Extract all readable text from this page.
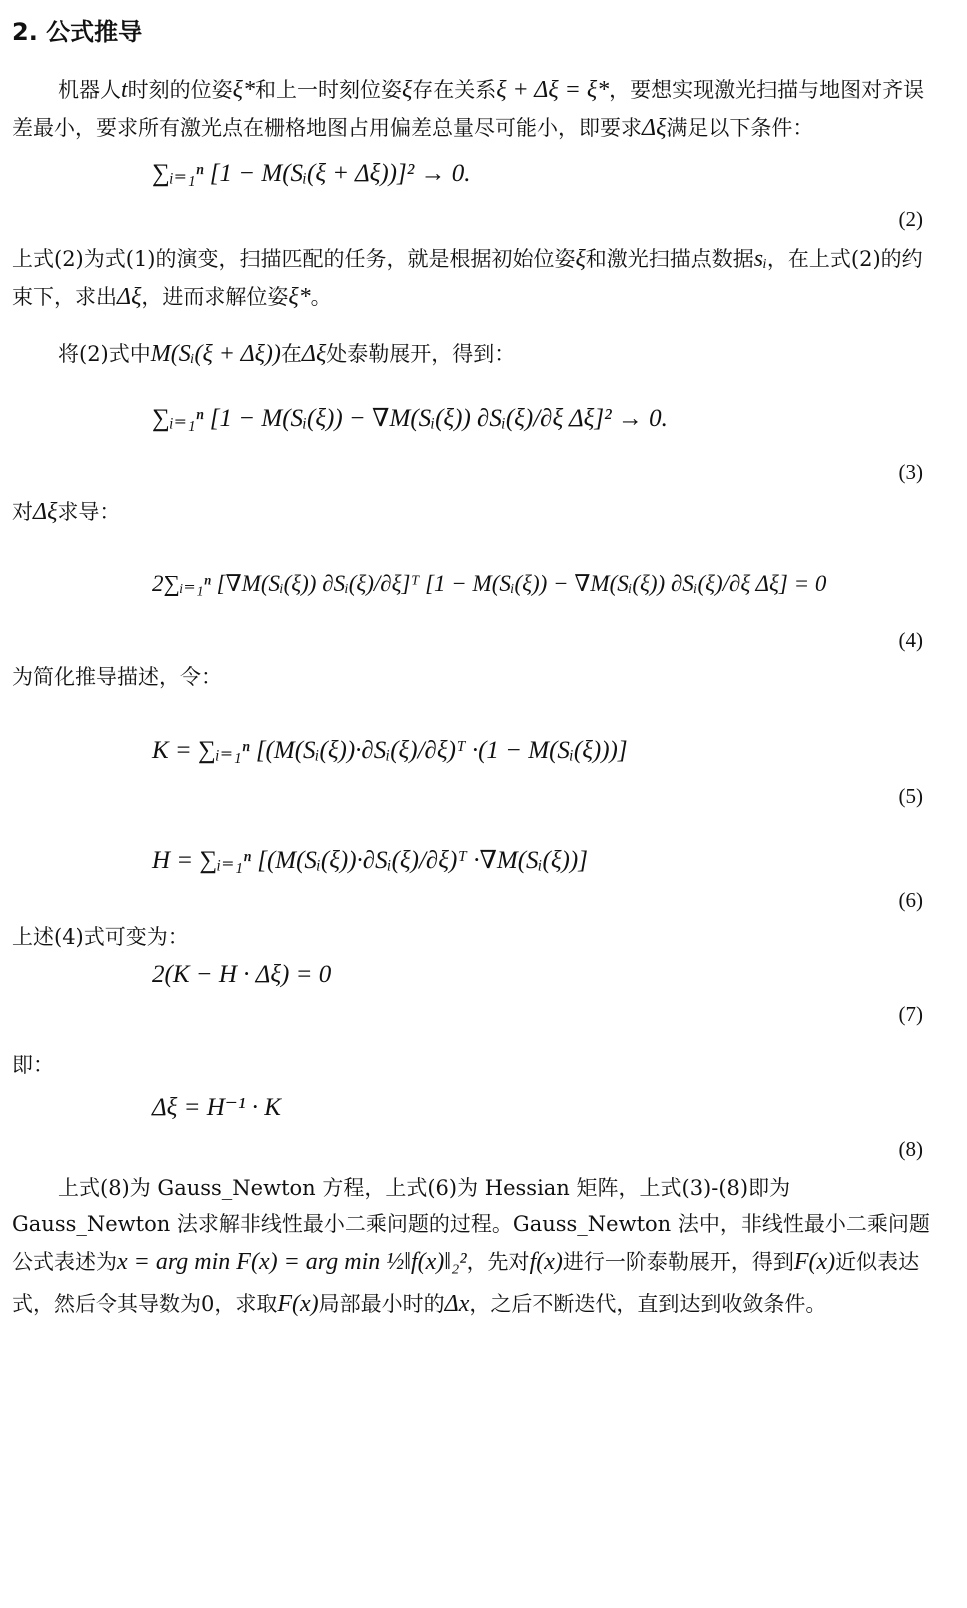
2. 公式推导

机器人t时刻的位姿ξ*和上一时刻位姿ξ存在关系ξ + Δξ = ξ*，要想实现激光扫描与地图对齐误差最小，要求所有激光点在栅格地图占用偏差总量尽可能小，即要求Δξ满足以下条件：

∑ᵢ₌₁ⁿ [1 − M(Sᵢ(ξ + Δξ))]² → 0.
(2)

上式(2)为式(1)的演变，扫描匹配的任务，就是根据初始位姿ξ和激光扫描点数据sᵢ，在上式(2)的约束下，求出Δξ，进而求解位姿ξ*。

将(2)式中M(Sᵢ(ξ + Δξ))在Δξ处泰勒展开，得到：

∑ᵢ₌₁ⁿ [1 − M(Sᵢ(ξ)) − ∇M(Sᵢ(ξ)) ∂Sᵢ(ξ)/∂ξ Δξ]² → 0.
(3)

对Δξ求导：

2∑ᵢ₌₁ⁿ [∇M(Sᵢ(ξ)) ∂Sᵢ(ξ)/∂ξ]ᵀ [1 − M(Sᵢ(ξ)) − ∇M(Sᵢ(ξ)) ∂Sᵢ(ξ)/∂ξ Δξ] = 0
(4)

为简化推导描述，令：

K = ∑ᵢ₌₁ⁿ [(M(Sᵢ(ξ))·∂Sᵢ(ξ)/∂ξ)ᵀ ·(1 − M(Sᵢ(ξ)))]
(5)
H = ∑ᵢ₌₁ⁿ [(M(Sᵢ(ξ))·∂Sᵢ(ξ)/∂ξ)ᵀ ·∇M(Sᵢ(ξ))]
(6)

上述(4)式可变为：

2(K − H · Δξ) = 0
(7)

即：

Δξ = H⁻¹ · K
(8)

上式(8)为 Gauss_Newton 方程，上式(6)为 Hessian 矩阵，上式(3)-(8)即为 Gauss_Newton 法求解非线性最小二乘问题的过程。Gauss_Newton 法中，非线性最小二乘问题公式表述为x = arg min F(x) = arg min ½‖f(x)‖₂²，先对f(x)进行一阶泰勒展开，得到F(x)近似表达式，然后令其导数为0，求取F(x)局部最小时的Δx，之后不断迭代，直到达到收敛条件。
